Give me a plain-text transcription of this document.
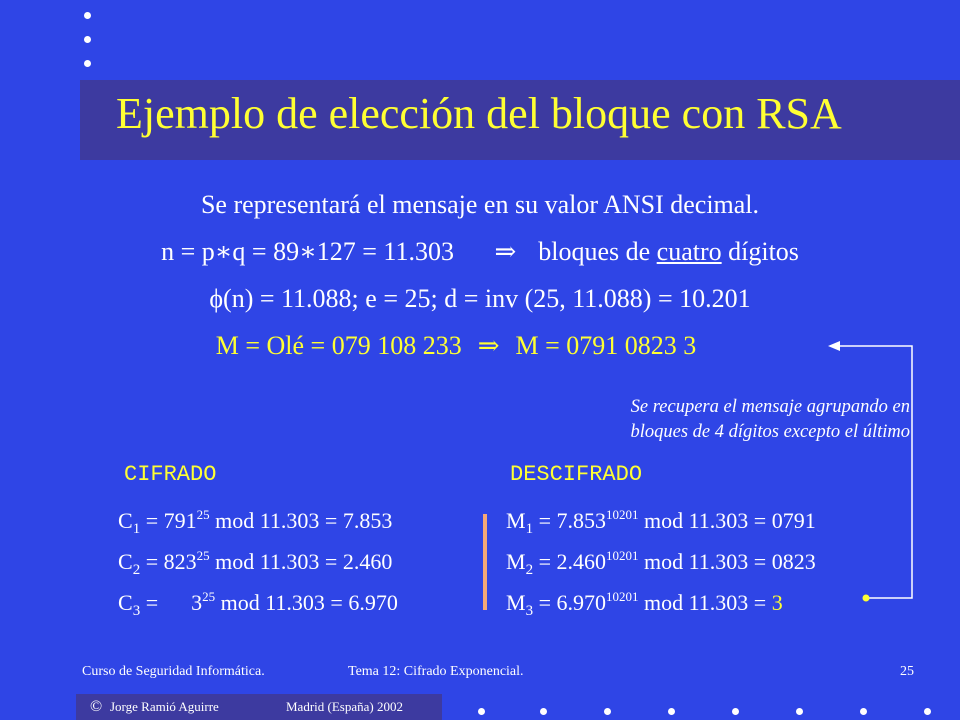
Ejemplo de elección del bloque con RSA
Se representará el mensaje en su valor ANSI decimal.
n = p∗q = 89∗127 = 11.303 ⇒ bloques de cuatro dígitos
ϕ(n) = 11.088; e = 25; d = inv (25, 11.088) = 10.201
M = Olé = 079 108 233 ⇒ M = 0791 0823 3
Se recupera el mensaje agrupando en
bloques de 4 dígitos excepto el último
CIFRADO	DESCIFRADO
$C_1 = 791^{25}$ mod 11.303 = 7.853
$C_2 = 823^{25}$ mod 11.303 = 2.460
$C_3$ =      $3^{25}$ mod 11.303 = 6.970
$M_1 = 7.853^{10201}$ mod 11.303 = 0791
$M_2 = 2.460^{10201}$ mod 11.303 = 0823
$M_3 = 6.970^{10201}$ mod 11.303 = 3
Curso de Seguridad Informática.	Tema 12: Cifrado Exponencial.	25
© Jorge Ramió Aguirre	Madrid (España) 2002
